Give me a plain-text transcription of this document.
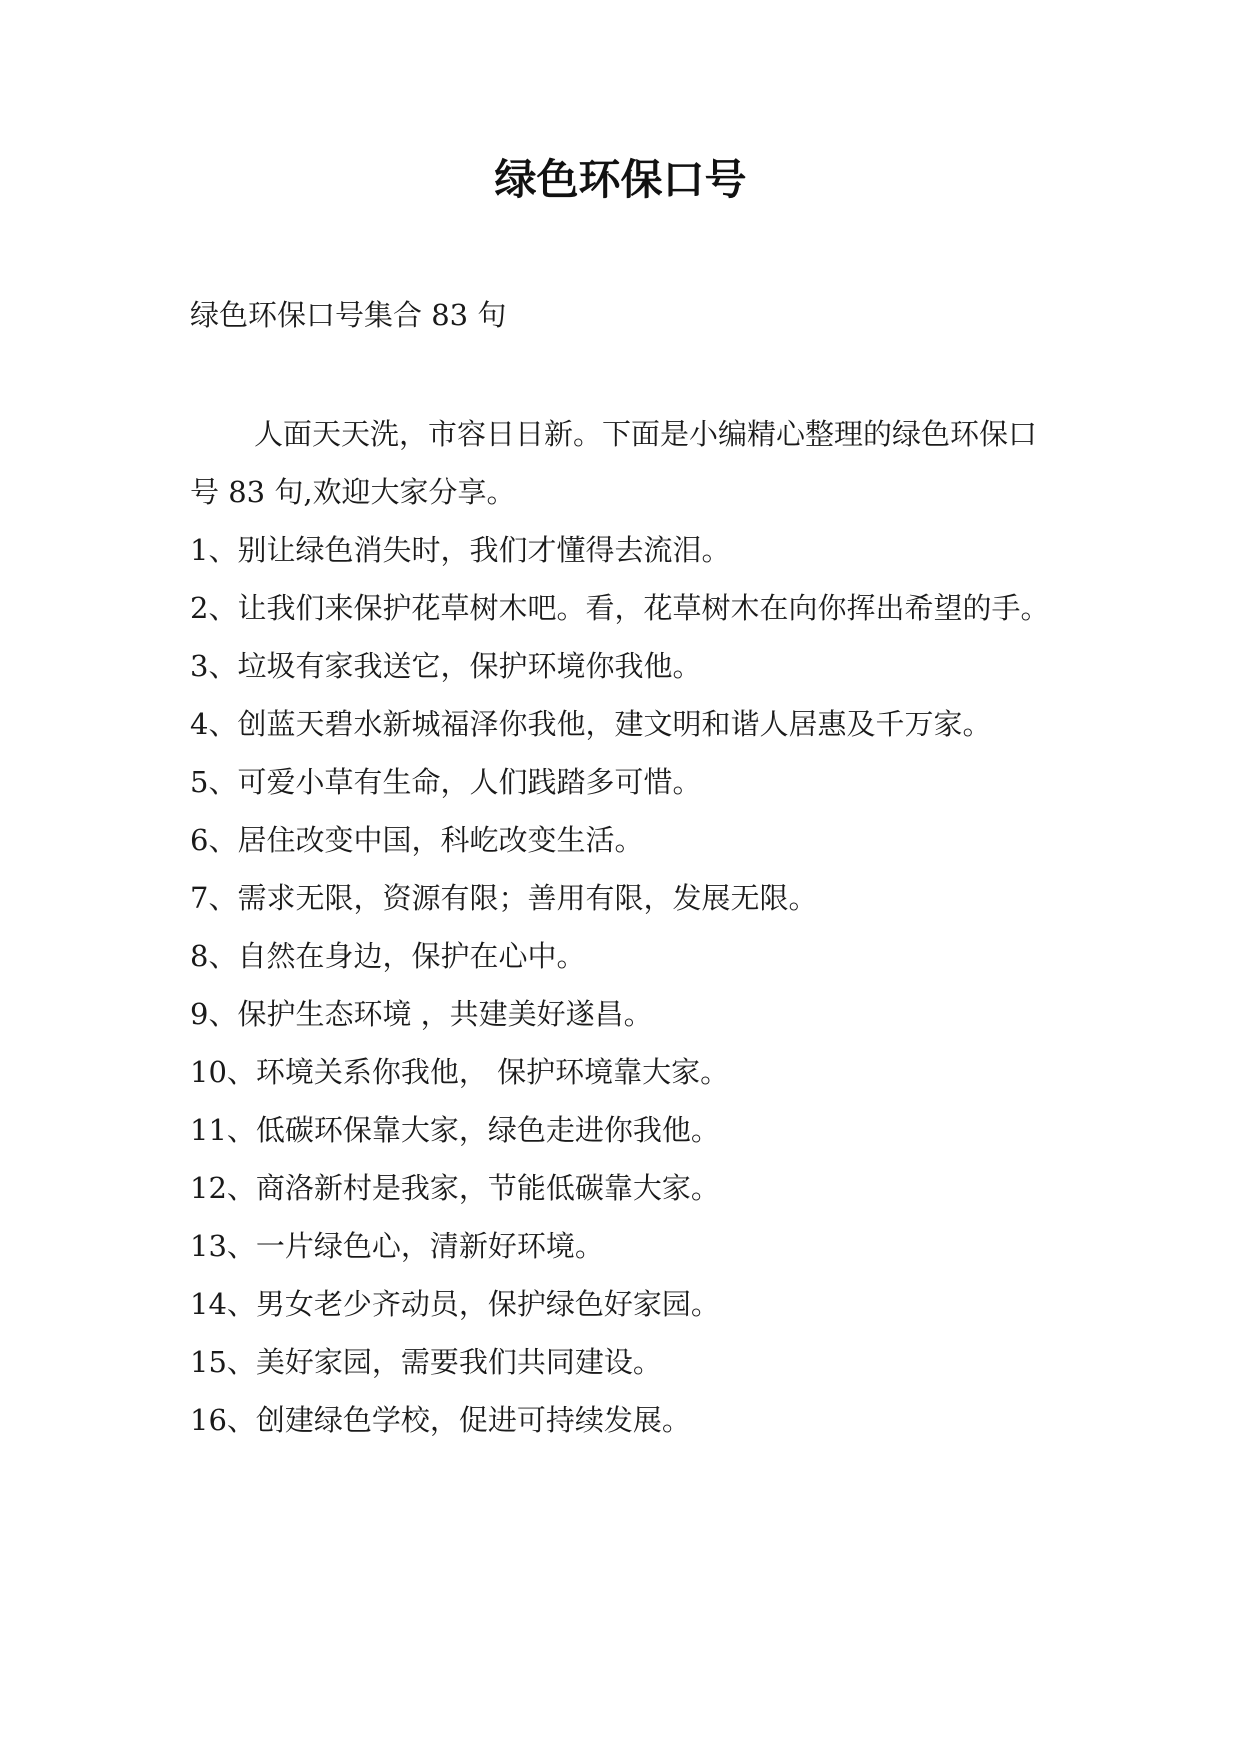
绿色环保口号
绿色环保口号集合 83 句

人面天天洗，市容日日新。下面是小编精心整理的绿色环保口号 83 句,欢迎大家分享。

1、别让绿色消失时，我们才懂得去流泪。
2、让我们来保护花草树木吧。看，花草树木在向你挥出希望的手。
3、垃圾有家我送它，保护环境你我他。
4、创蓝天碧水新城福泽你我他，建文明和谐人居惠及千万家。
5、可爱小草有生命，人们践踏多可惜。
6、居住改变中国，科屹改变生活。
7、需求无限，资源有限；善用有限，发展无限。
8、自然在身边，保护在心中。
9、保护生态环境 ，共建美好遂昌。
10、环境关系你我他， 保护环境靠大家。
11、低碳环保靠大家，绿色走进你我他。
12、商洛新村是我家，节能低碳靠大家。
13、一片绿色心，清新好环境。
14、男女老少齐动员，保护绿色好家园。
15、美好家园，需要我们共同建设。
16、创建绿色学校，促进可持续发展。
